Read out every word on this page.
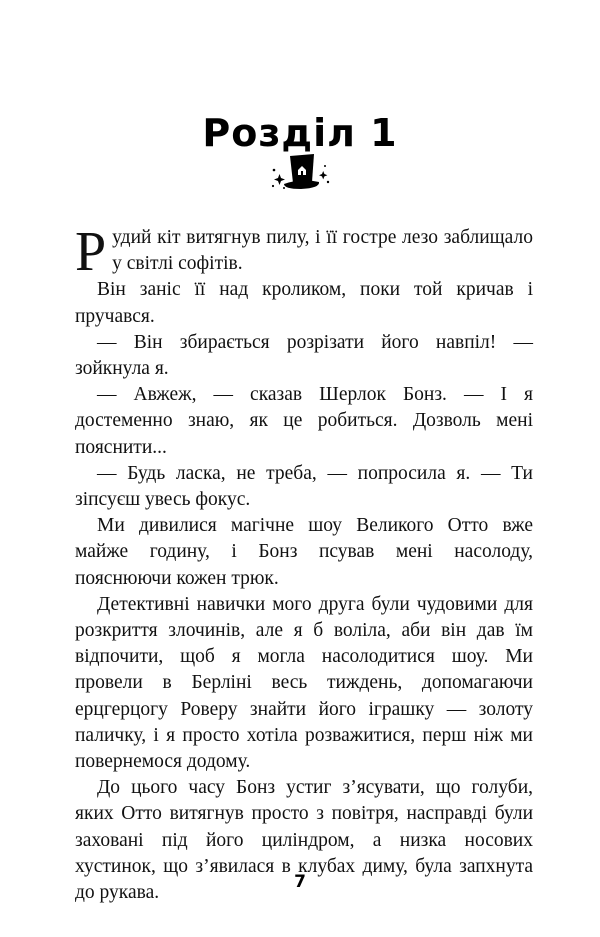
Розділ 1

Рудий кіт витягнув пилу, і її гостре лезо заблищало у світлі софітів.

Він заніс її над кроликом, поки той кричав і пручався.

— Він збирається розрізати його навпіл! — зойкнула я.

— Авжеж, — сказав Шерлок Бонз. — І я достеменно знаю, як це робиться. Дозволь мені пояснити...

— Будь ласка, не треба, — попросила я. — Ти зіпсуєш увесь фокус.

Ми дивилися магічне шоу Великого Отто вже майже годину, і Бонз псував мені насолоду, пояснюючи кожен трюк.

Детективні навички мого друга були чудовими для розкриття злочинів, але я б воліла, аби він дав їм відпочити, щоб я могла насолодитися шоу. Ми провели в Берліні весь тиждень, допомагаючи ерцгерцогу Роверу знайти його іграшку — золоту паличку, і я просто хотіла розважитися, перш ніж ми повернемося додому.

До цього часу Бонз устиг з’ясувати, що голуби, яких Отто витягнув просто з повітря, насправді були заховані під його циліндром, а низка носових хустинок, що з’явилася в клубах диму, була запхнута до рукава.

7
